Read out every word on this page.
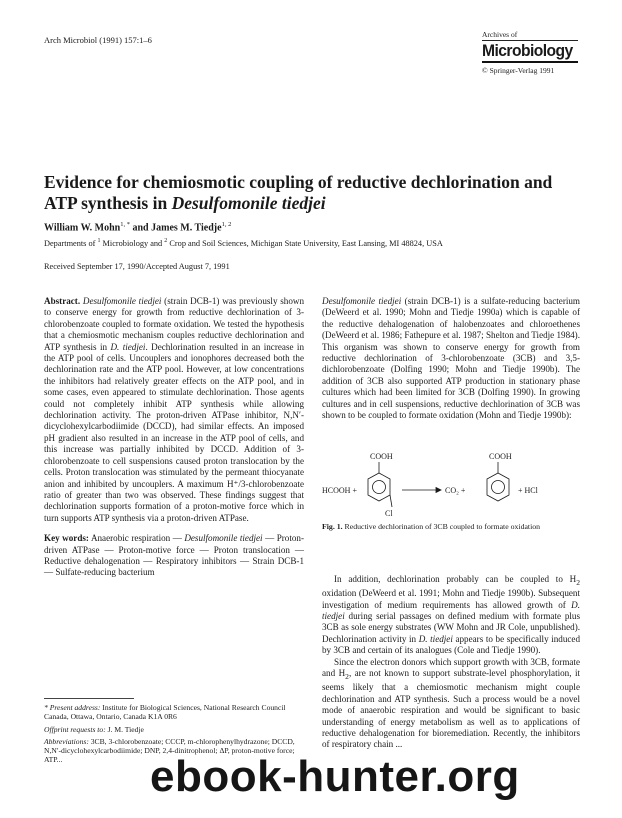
Arch Microbiol (1991) 157:1–6
Archives of
Microbiology
© Springer-Verlag 1991
Evidence for chemiosmotic coupling of reductive dechlorination and ATP synthesis in Desulfomonile tiedjei
William W. Mohn$^{1, *}$ and James M. Tiedje$^{1, 2}$
Departments of $^1$ Microbiology and $^2$ Crop and Soil Sciences, Michigan State University, East Lansing, MI 48824, USA
Received September 17, 1990/Accepted August 7, 1991

Abstract. Desulfomonile tiedjei (strain DCB-1) was previously shown to conserve energy for growth from reductive dechlorination of 3-chlorobenzoate coupled to formate oxidation. We tested the hypothesis that a chemiosmotic mechanism couples reductive dechlorination and ATP synthesis in D. tiedjei. Dechlorination resulted in an increase in the ATP pool of cells. Uncouplers and ionophores decreased both the dechlorination rate and the ATP pool. However, at low concentrations the inhibitors had relatively greater effects on the ATP pool, and in some cases, even appeared to stimulate dechlorination. Those agents could not completely inhibit ATP synthesis while allowing dechlorination activity. The proton-driven ATPase inhibitor, N,N′-dicyclohexylcarbodiimide (DCCD), had similar effects. An imposed pH gradient also resulted in an increase in the ATP pool of cells, and this increase was partially inhibited by DCCD. Addition of 3-chlorobenzoate to cell suspensions caused proton translocation by the cells. Proton translocation was stimulated by the permeant thiocyanate anion and inhibited by uncouplers. A maximum H⁺/3-chlorobenzoate ratio of greater than two was observed. These findings suggest that dechlorination supports formation of a proton-motive force which in turn supports ATP synthesis via a proton-driven ATPase.

Key words: Anaerobic respiration — Desulfomonile tiedjei — Proton-driven ATPase — Proton-motive force — Proton translocation — Reductive dehalogenation — Respiratory inhibitors — Strain DCB-1 — Sulfate-reducing bacterium

* Present address: Institute for Biological Sciences, National Research Council Canada, Ottawa, Ontario, Canada K1A 0R6

Offprint requests to: J. M. Tiedje

Abbreviations: 3CB, 3-chlorobenzoate; CCCP, m-chlorophenylhydrazone; DCCD, N,N′-dicyclohexylcarbodiimide; DNP, 2,4-dinitrophenol; ΔP, proton-motive force; ATP...

Desulfomonile tiedjei (strain DCB-1) is a sulfate-reducing bacterium (DeWeerd et al. 1990; Mohn and Tiedje 1990a) which is capable of the reductive dehalogenation of halobenzoates and chloroethenes (DeWeerd et al. 1986; Fathepure et al. 1987; Shelton and Tiedje 1984). This organism was shown to conserve energy for growth from reductive dechlorination of 3-chlorobenzoate (3CB) and 3,5-dichlorobenzoate (Dolfing 1990; Mohn and Tiedje 1990b). The addition of 3CB also supported ATP production in stationary phase cultures which had been limited for 3CB (Dolfing 1990). In growing cultures and in cell suspensions, reductive dechlorination of 3CB was shown to be coupled to formate oxidation (Mohn and Tiedje 1990b):

HCOOH +
COOH
Cl
CO₂ +
COOH
+ HCl
Fig. 1. Reductive dechlorination of 3CB coupled to formate oxidation

In addition, dechlorination probably can be coupled to $H_2$ oxidation (DeWeerd et al. 1991; Mohn and Tiedje 1990b). Subsequent investigation of medium requirements has allowed growth of D. tiedjei during serial passages on defined medium with formate plus 3CB as sole energy substrates (WW Mohn and JR Cole, unpublished). Dechlorination activity in D. tiedjei appears to be specifically induced by 3CB and certain of its analogues (Cole and Tiedje 1990).

Since the electron donors which support growth with 3CB, formate and $H_2$, are not known to support substrate-level phosphorylation, it seems likely that a chemiosmotic mechanism might couple dechlorination and ATP synthesis. Such a process would be a novel mode of anaerobic respiration and would be significant to basic understanding of energy metabolism as well as to applications of reductive dehalogenation for bioremediation. Recently, the inhibitors of respiratory chain ...

ebook-hunter.org
